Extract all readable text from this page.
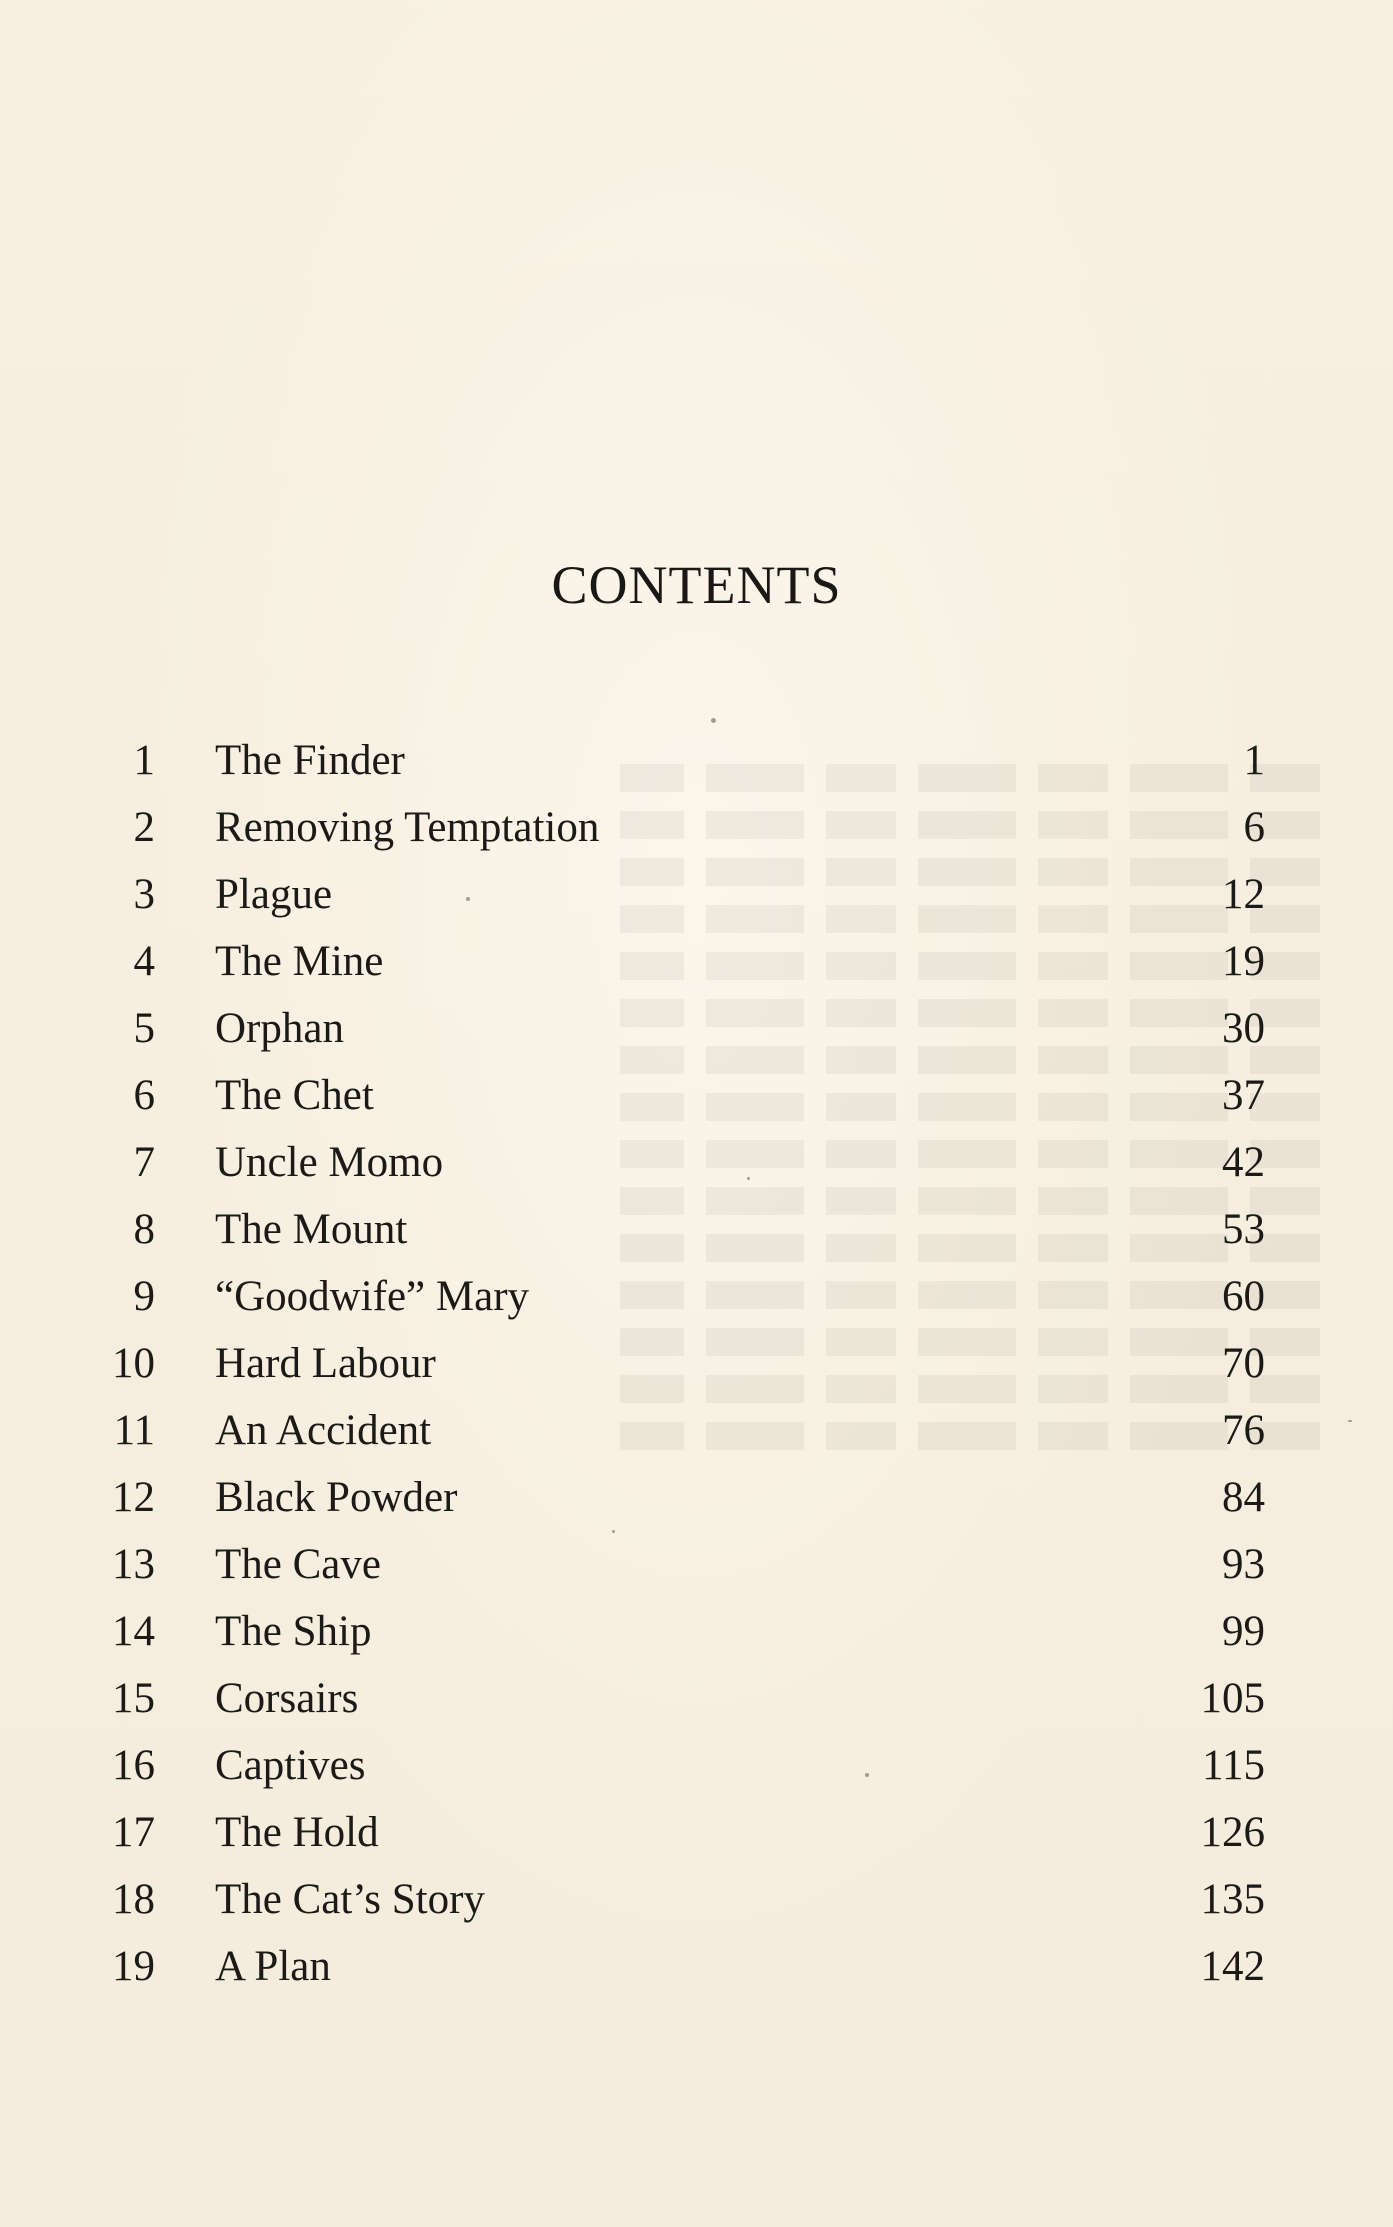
CONTENTS
1 The Finder	1
2 Removing Temptation	6
3 Plague	12
4 The Mine	19
5 Orphan	30
6 The Chet	37
7 Uncle Momo	42
8 The Mount	53
9 “Goodwife” Mary	60
10 Hard Labour	70
11 An Accident	76
12 Black Powder	84
13 The Cave	93
14 The Ship	99
15 Corsairs	105
16 Captives	115
17 The Hold	126
18 The Cat’s Story	135
19 A Plan	142
